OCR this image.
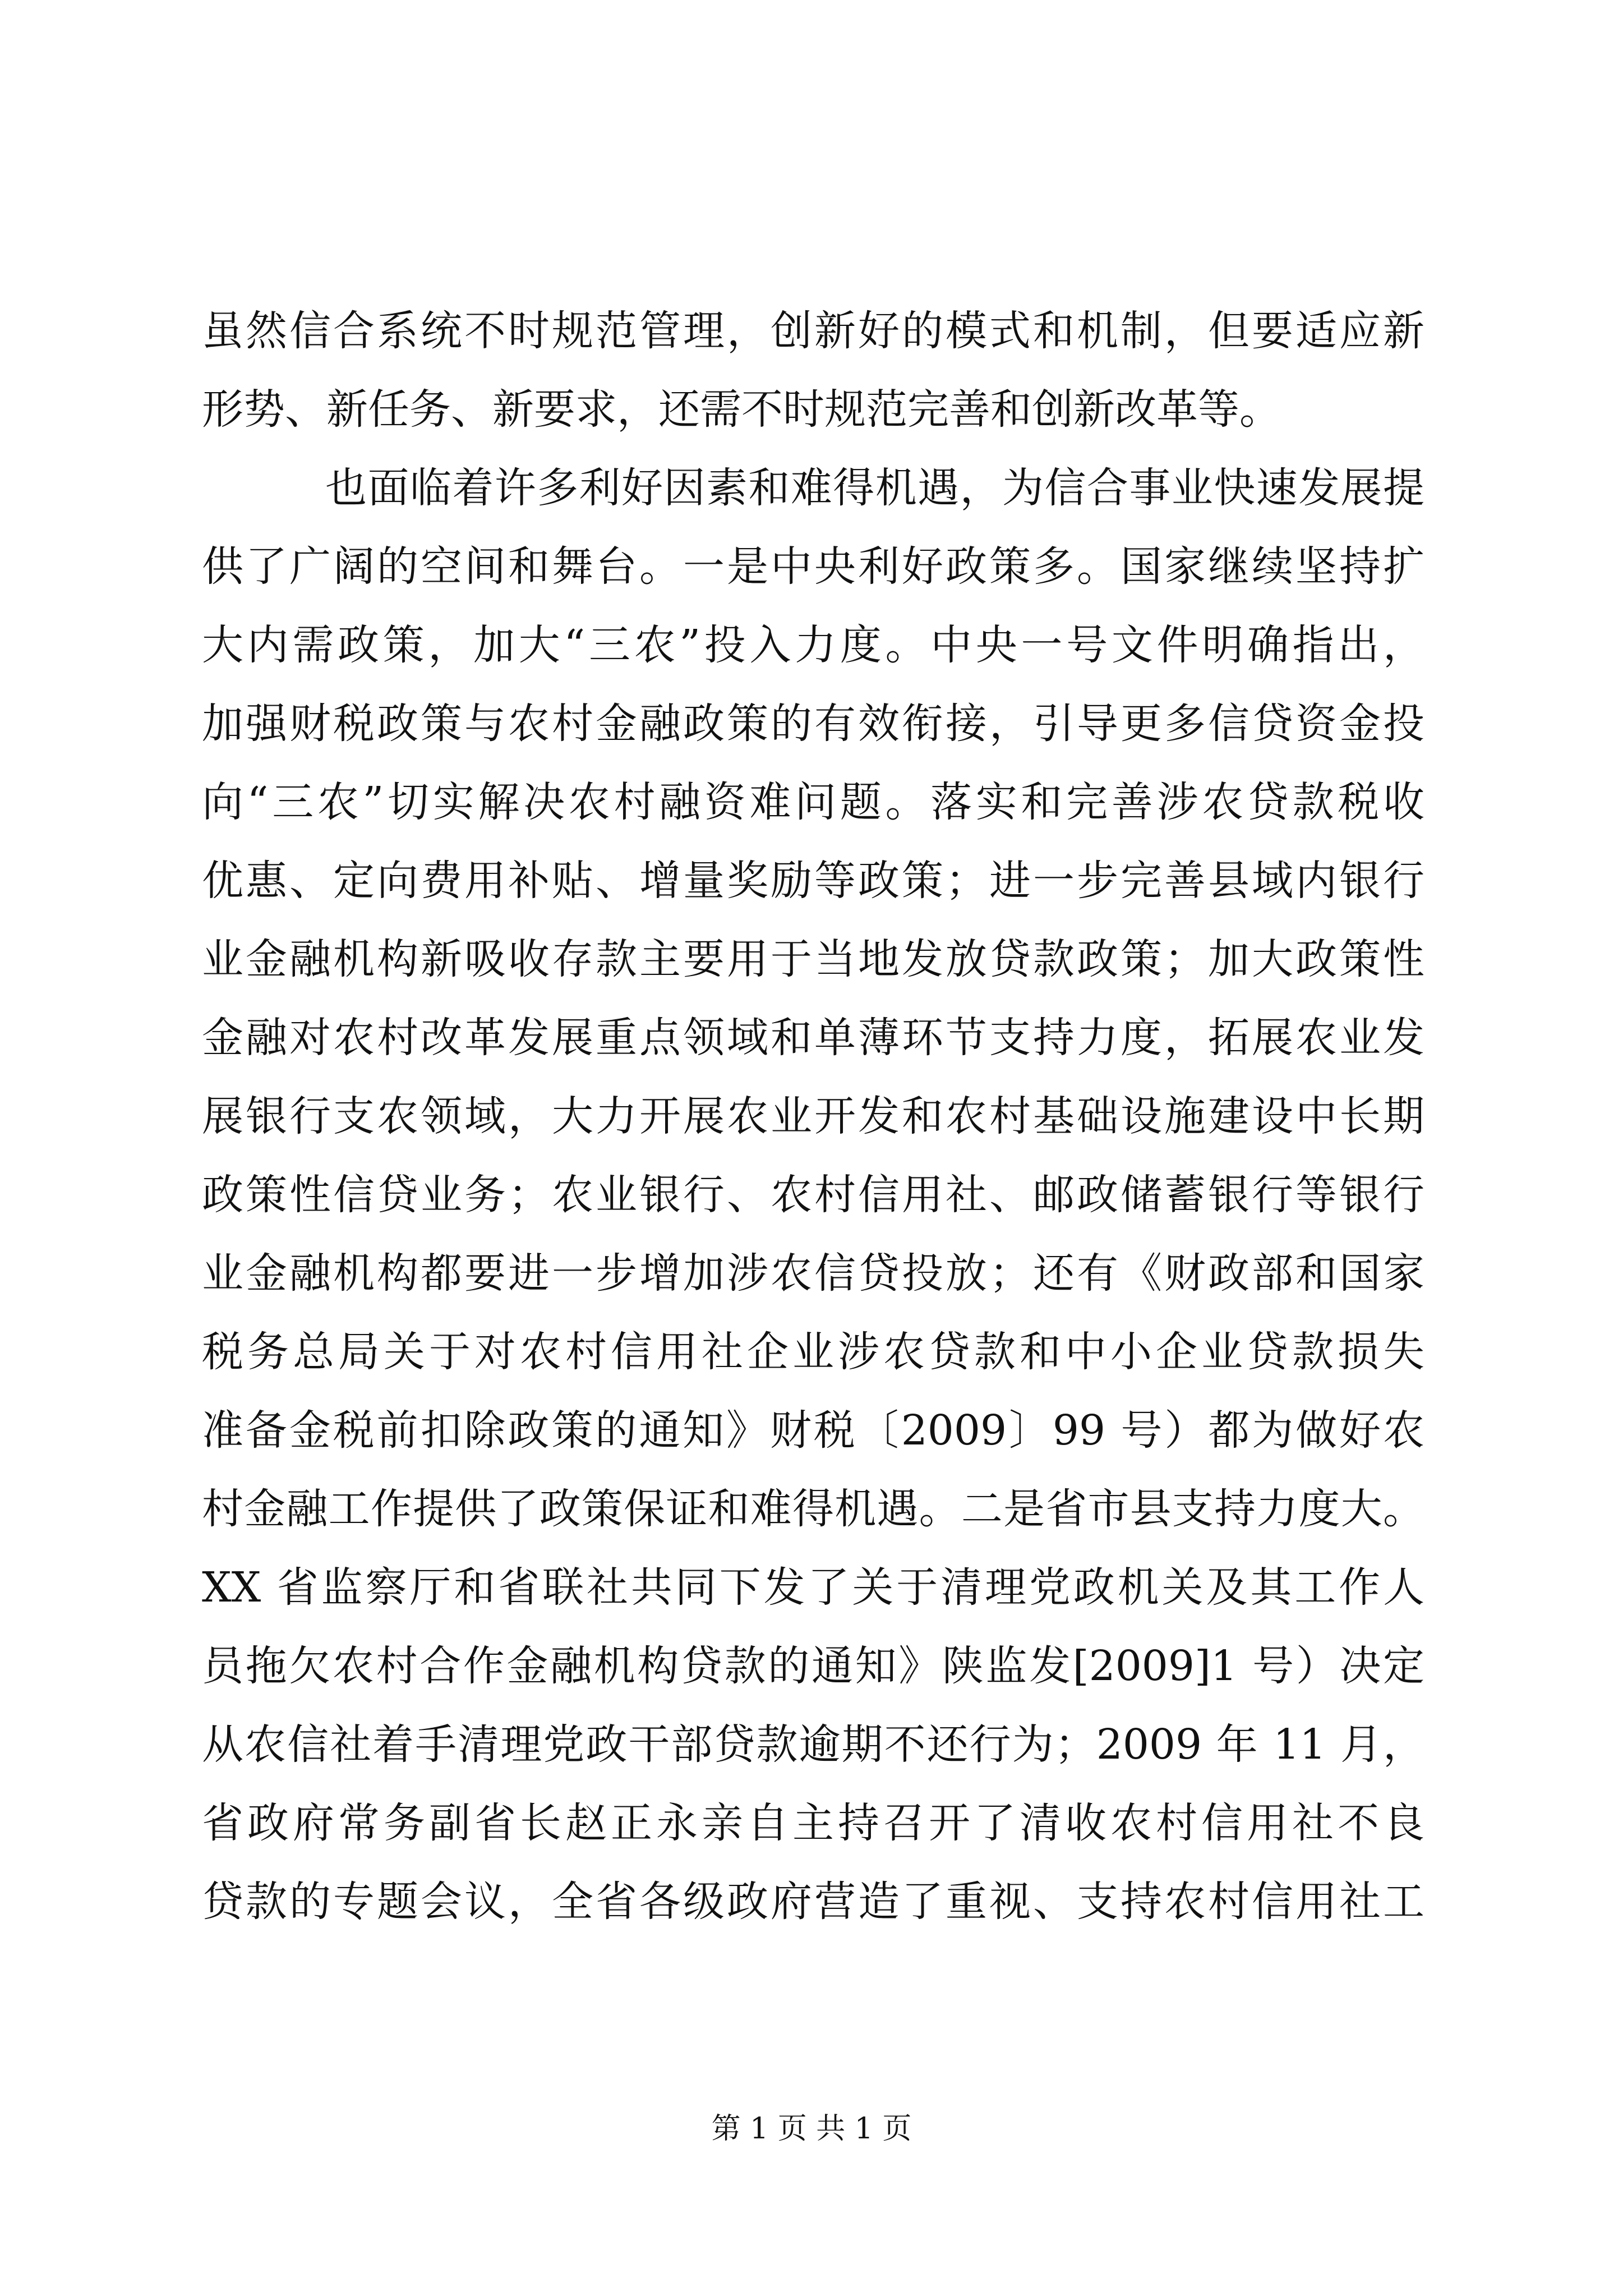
虽然信合系统不时规范管理，创新好的模式和机制，但要适应新

形势、新任务、新要求，还需不时规范完善和创新改革等。

也面临着许多利好因素和难得机遇，为信合事业快速发展提

供了广阔的空间和舞台。一是中央利好政策多。国家继续坚持扩

大内需政策，加大“三农”投入力度。中央一号文件明确指出，

加强财税政策与农村金融政策的有效衔接，引导更多信贷资金投

向“三农”切实解决农村融资难问题。落实和完善涉农贷款税收

优惠、定向费用补贴、增量奖励等政策；进一步完善县域内银行

业金融机构新吸收存款主要用于当地发放贷款政策；加大政策性

金融对农村改革发展重点领域和单薄环节支持力度，拓展农业发

展银行支农领域，大力开展农业开发和农村基础设施建设中长期

政策性信贷业务；农业银行、农村信用社、邮政储蓄银行等银行

业金融机构都要进一步增加涉农信贷投放；还有《财政部和国家

税务总局关于对农村信用社企业涉农贷款和中小企业贷款损失

准备金税前扣除政策的通知》财税〔2009〕99 号）都为做好农

村金融工作提供了政策保证和难得机遇。二是省市县支持力度大。

XX 省监察厅和省联社共同下发了关于清理党政机关及其工作人

员拖欠农村合作金融机构贷款的通知》陕监发[2009]1 号）决定

从农信社着手清理党政干部贷款逾期不还行为；2009 年 11 月，

省政府常务副省长赵正永亲自主持召开了清收农村信用社不良

贷款的专题会议，全省各级政府营造了重视、支持农村信用社工

第 1 页 共 1 页
